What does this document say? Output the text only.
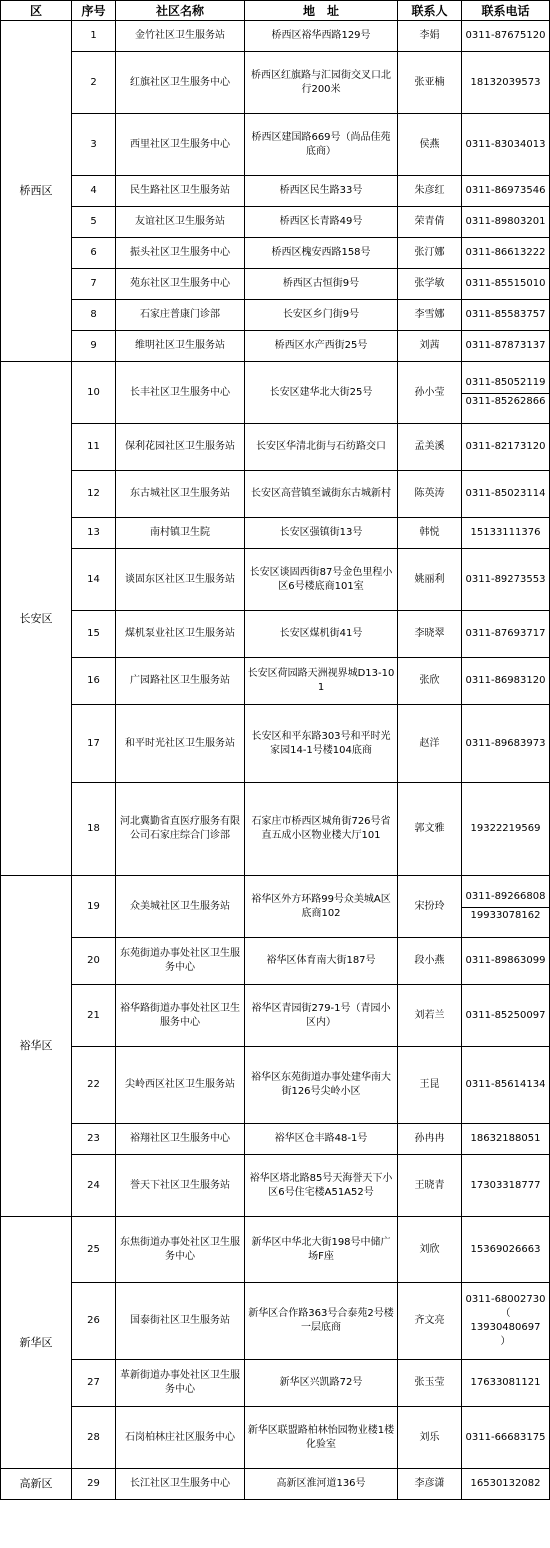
区	序号	社区名称	地　址	联系人	联系电话
桥西区	1	金竹社区卫生服务站	桥西区裕华西路129号	李娟	0311-87675120

	2	红旗社区卫生服务中心	桥西区红旗路与汇园街交叉口北行200米	张亚楠	18132039573

	3	西里社区卫生服务中心	桥西区建国路669号（尚品佳苑底商）	侯燕	0311-83034013

	4	民生路社区卫生服务站	桥西区民生路33号	朱彦红	0311-86973546

	5	友谊社区卫生服务站	桥西区长青路49号	荣青倩	0311-89803201

	6	振头社区卫生服务中心	桥西区槐安西路158号	张汀娜	0311-86613222

	7	苑东社区卫生服务中心	桥西区古恒街9号	张学敏	0311-85515010

	8	石家庄普康门诊部	长安区乡门街9号	李雪娜	0311-85583757

	9	维明社区卫生服务站	桥西区水产西街25号	刘茜	0311-87873137

长安区	10	长丰社区卫生服务中心	长安区建华北大街25号	孙小莹	0311-85052119
0311-85262866

	11	保利花园社区卫生服务站	长安区华清北街与石纺路交口	孟美溪	0311-82173120

	12	东古城社区卫生服务站	长安区高营镇至诚街东古城新村	陈英涛	0311-85023114

	13	南村镇卫生院	长安区强镇街13号	韩悦	15133111376

	14	谈固东区社区卫生服务站	长安区谈固西街87号金色里程小区6号楼底商101室	姚丽利	0311-89273553

	15	煤机泵业社区卫生服务站	长安区煤机街41号	李晓翠	0311-87693717

	16	广园路社区卫生服务站	长安区荷园路天洲视界城D13-101	张欣	0311-86983120

	17	和平时光社区卫生服务站	长安区和平东路303号和平时光家园14-1号楼104底商	赵洋	0311-89683973

	18	河北冀勤省直医疗服务有限公司石家庄综合门诊部	石家庄市桥西区城角街726号省直五成小区物业楼大厅101	郭文雅	19322219569

裕华区	19	众美城社区卫生服务站	裕华区外方环路99号众美城A区底商102	宋扮玲	0311-89266808
19933078162

	20	东苑街道办事处社区卫生服务中心	裕华区体育南大街187号	段小燕	0311-89863099

	21	裕华路街道办事处社区卫生服务中心	裕华区青园街279-1号（青园小区内）	刘若兰	0311-85250097

	22	尖岭西区社区卫生服务站	裕华区东苑街道办事处建华南大街126号尖岭小区	王昆	0311-85614134

	23	裕翔社区卫生服务中心	裕华区仓丰路48-1号	孙冉冉	18632188051

	24	誉天下社区卫生服务站	裕华区塔北路85号天海誉天下小区6号住宅楼A51A52号	王晓青	17303318777

新华区	25	东焦街道办事处社区卫生服务中心	新华区中华北大街198号中储广场F座	刘欣	15369026663

	26	国泰街社区卫生服务站	新华区合作路363号合泰苑2号楼一层底商	齐文亮	0311-68002730
（
13930480697
）

	27	革新街道办事处社区卫生服务中心	新华区兴凯路72号	张玉莹	17633081121

	28	石岗柏林庄社区服务中心	新华区联盟路柏林怡园物业楼1楼化验室	刘乐	0311-66683175

高新区	29	长江社区卫生服务中心	高新区淮河道136号	李彦潇	16530132082
